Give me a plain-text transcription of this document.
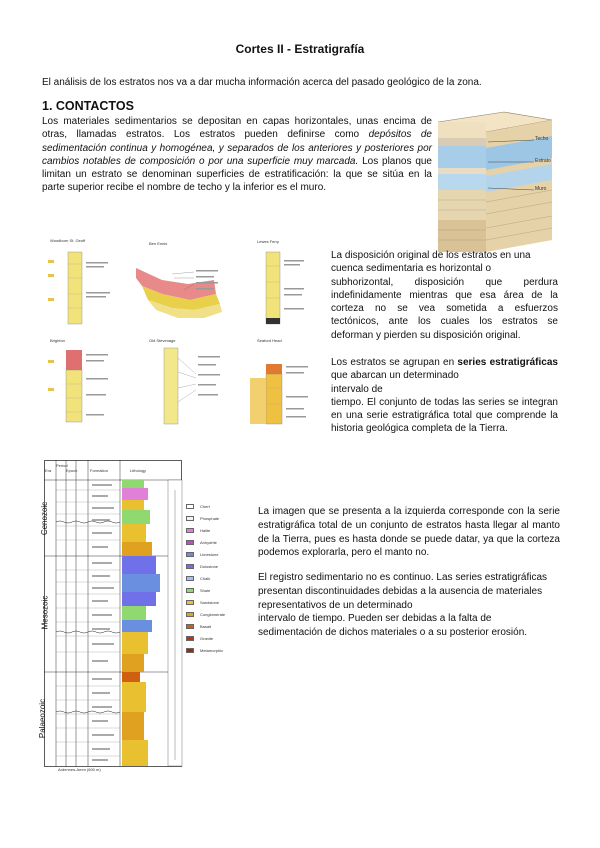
Cortes II - Estratigrafía
El análisis de los estratos nos va a dar mucha información acerca del pasado geológico de la zona.
1. CONTACTOS
Los materiales sedimentarios se depositan en capas horizontales, unas encima de otras, llamadas estratos. Los estratos pueden definirse como depósitos de sedimentación continua y homogénea, y separados de los anteriores y posteriores por cambios notables de composición o por una superficie muy marcada. Los planos que limitan un estrato se denominan superficies de estratificación: la que se sitúa en la parte superior recibe el nombre de techo y la inferior es el muro.
Techo
Estrato
Muro
Woodburn St. Geoff
Ben Ennis	Lewes Ferry
Brighton	Old Stevenage	Seaford Head
La disposición original de los estratos en una
cuenca sedimentaria es horizontal o
subhorizontal, disposición que perdura indefinidamente mientras que esa área de la corteza no se vea sometida a esfuerzos tectónicos, ante los cuales los estratos se deforman y pierden su disposición original.
Los estratos se agrupan en series estratigráficas que abarcan un determinado
intervalo de
tiempo. El conjunto de todas las series se integran en una serie estratigráfica total que comprende la historia geológica completa de la Tierra.
Era
Period
Epoch	Formation	Lithology
Cenozoic
Mesozoic
Palaeozoic
Ardennes-Amm (600 m)
Chert
Phosphate
Halite
Anhydrite
Limestone
Dolostone
Chalk
Shale
Sandstone
Conglomerate
Basalt
Granite
Metamorphic
La imagen que se presenta a la izquierda corresponde con la serie estratigráfica total de un conjunto de estratos hasta llegar al manto de la Tierra, pues es hasta donde se puede datar, ya que la corteza podemos explorarla, pero el manto no.
El registro sedimentario no es continuo. Las series estratigráficas
presentan discontinuidades debidas a la ausencia de materiales
representativos de un determinado
intervalo de tiempo. Pueden ser debidas a la falta de
sedimentación de dichos materiales o a su posterior erosión.
